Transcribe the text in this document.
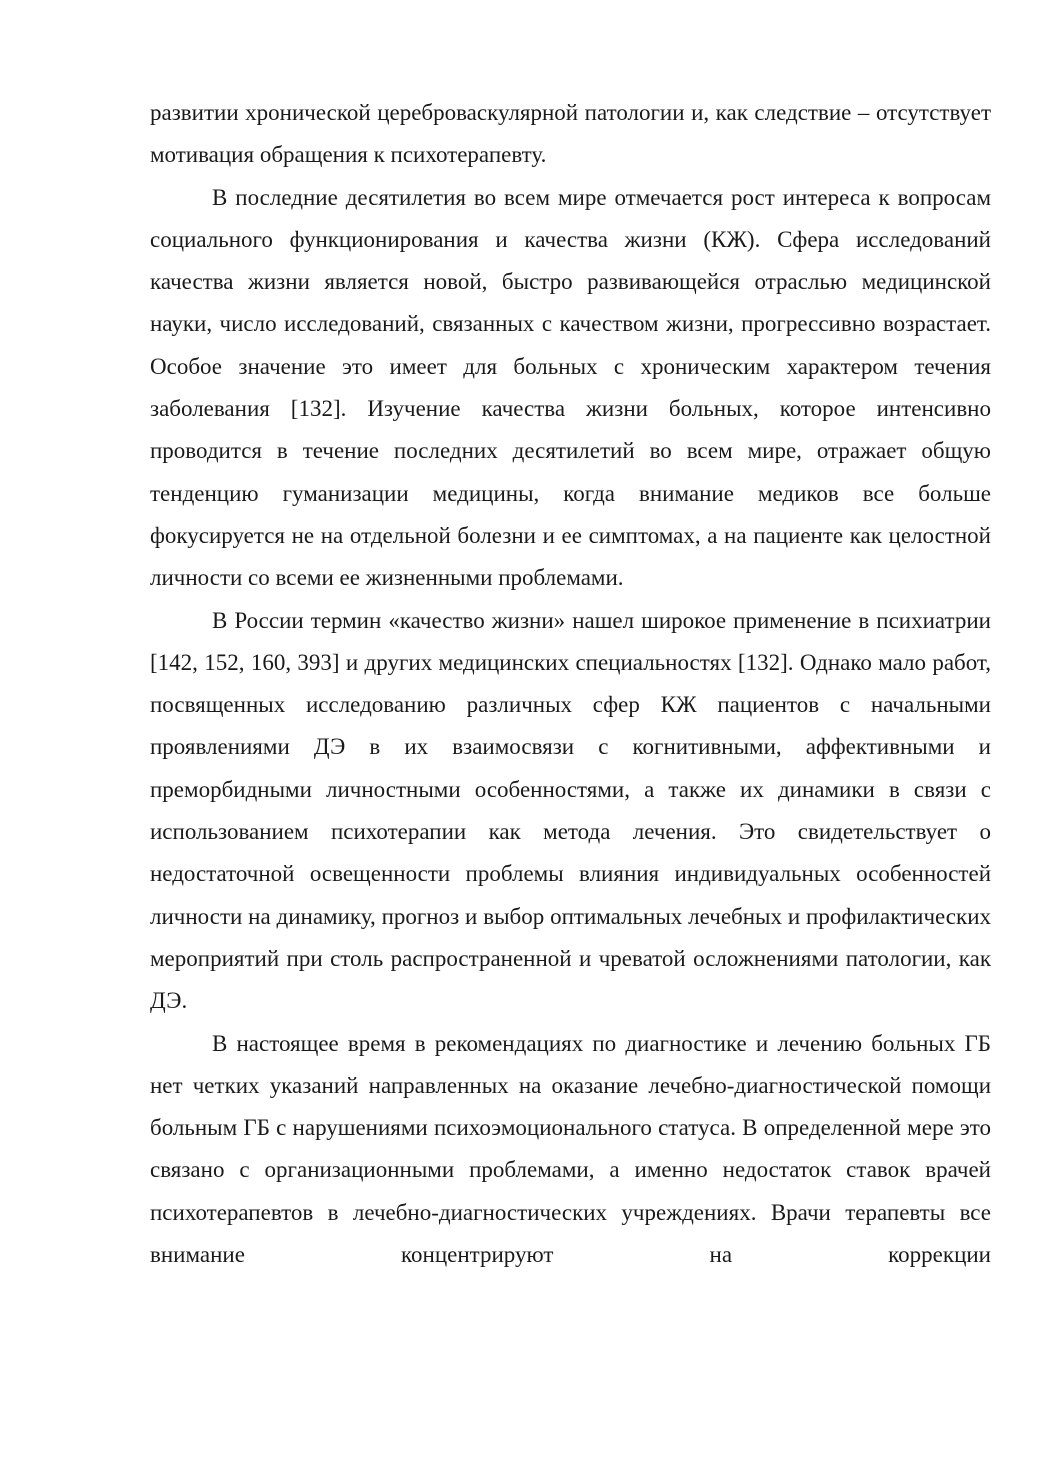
развитии хронической цереброваскулярной патологии и, как следствие – отсутствует мотивация обращения к психотерапевту.

В последние десятилетия во всем мире отмечается рост интереса к вопросам социального функционирования и качества жизни (КЖ). Сфера исследований качества жизни является новой, быстро развивающейся отраслью медицинской науки, число исследований, связанных с качеством жизни, прогрессивно возрастает. Особое значение это имеет для больных с хроническим характером течения заболевания [132]. Изучение качества жизни больных, которое интенсивно проводится в течение последних десятилетий во всем мире, отражает общую тенденцию гуманизации медицины, когда внимание медиков все больше фокусируется не на отдельной болезни и ее симптомах, а на пациенте как целостной личности со всеми ее жизненными проблемами.

В России термин «качество жизни» нашел широкое применение в психиатрии [142, 152, 160, 393] и других медицинских специальностях [132]. Однако мало работ, посвященных исследованию различных сфер КЖ пациентов с начальными проявлениями ДЭ в их взаимосвязи с когнитивными, аффективными и преморбидными личностными особенностями, а также их динамики в связи с использованием психотерапии как метода лечения. Это свидетельствует о недостаточной освещенности проблемы влияния индивидуальных особенностей личности на динамику, прогноз и выбор оптимальных лечебных и профилактических мероприятий при столь распространенной и чреватой осложнениями патологии, как ДЭ.

В настоящее время в рекомендациях по диагностике и лечению больных ГБ нет четких указаний направленных на оказание лечебно-диагностической помощи больным ГБ с нарушениями психоэмоционального статуса. В определенной мере это связано с организационными проблемами, а именно недостаток ставок врачей психотерапевтов в лечебно-диагностических учреждениях. Врачи терапевты все внимание концентрируют на коррекции
